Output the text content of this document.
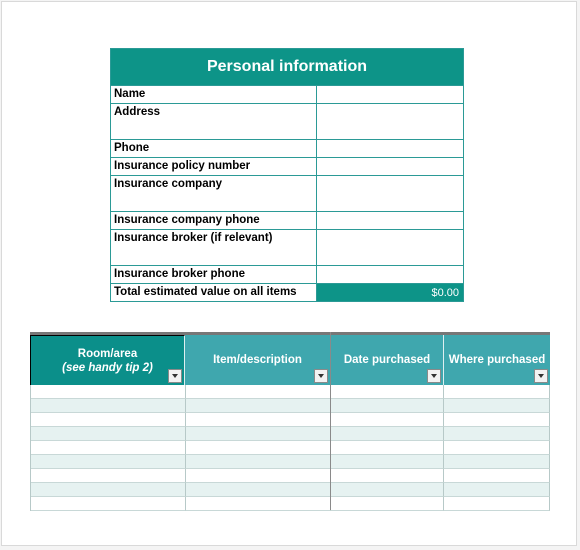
Personal information
Name
Address
Phone
Insurance policy number
Insurance company
Insurance company phone
Insurance broker (if relevant)
Insurance broker phone
Total estimated value on all items	$0.00
Room/area
(see handy tip 2)
Item/description	Date purchased Where purchased
